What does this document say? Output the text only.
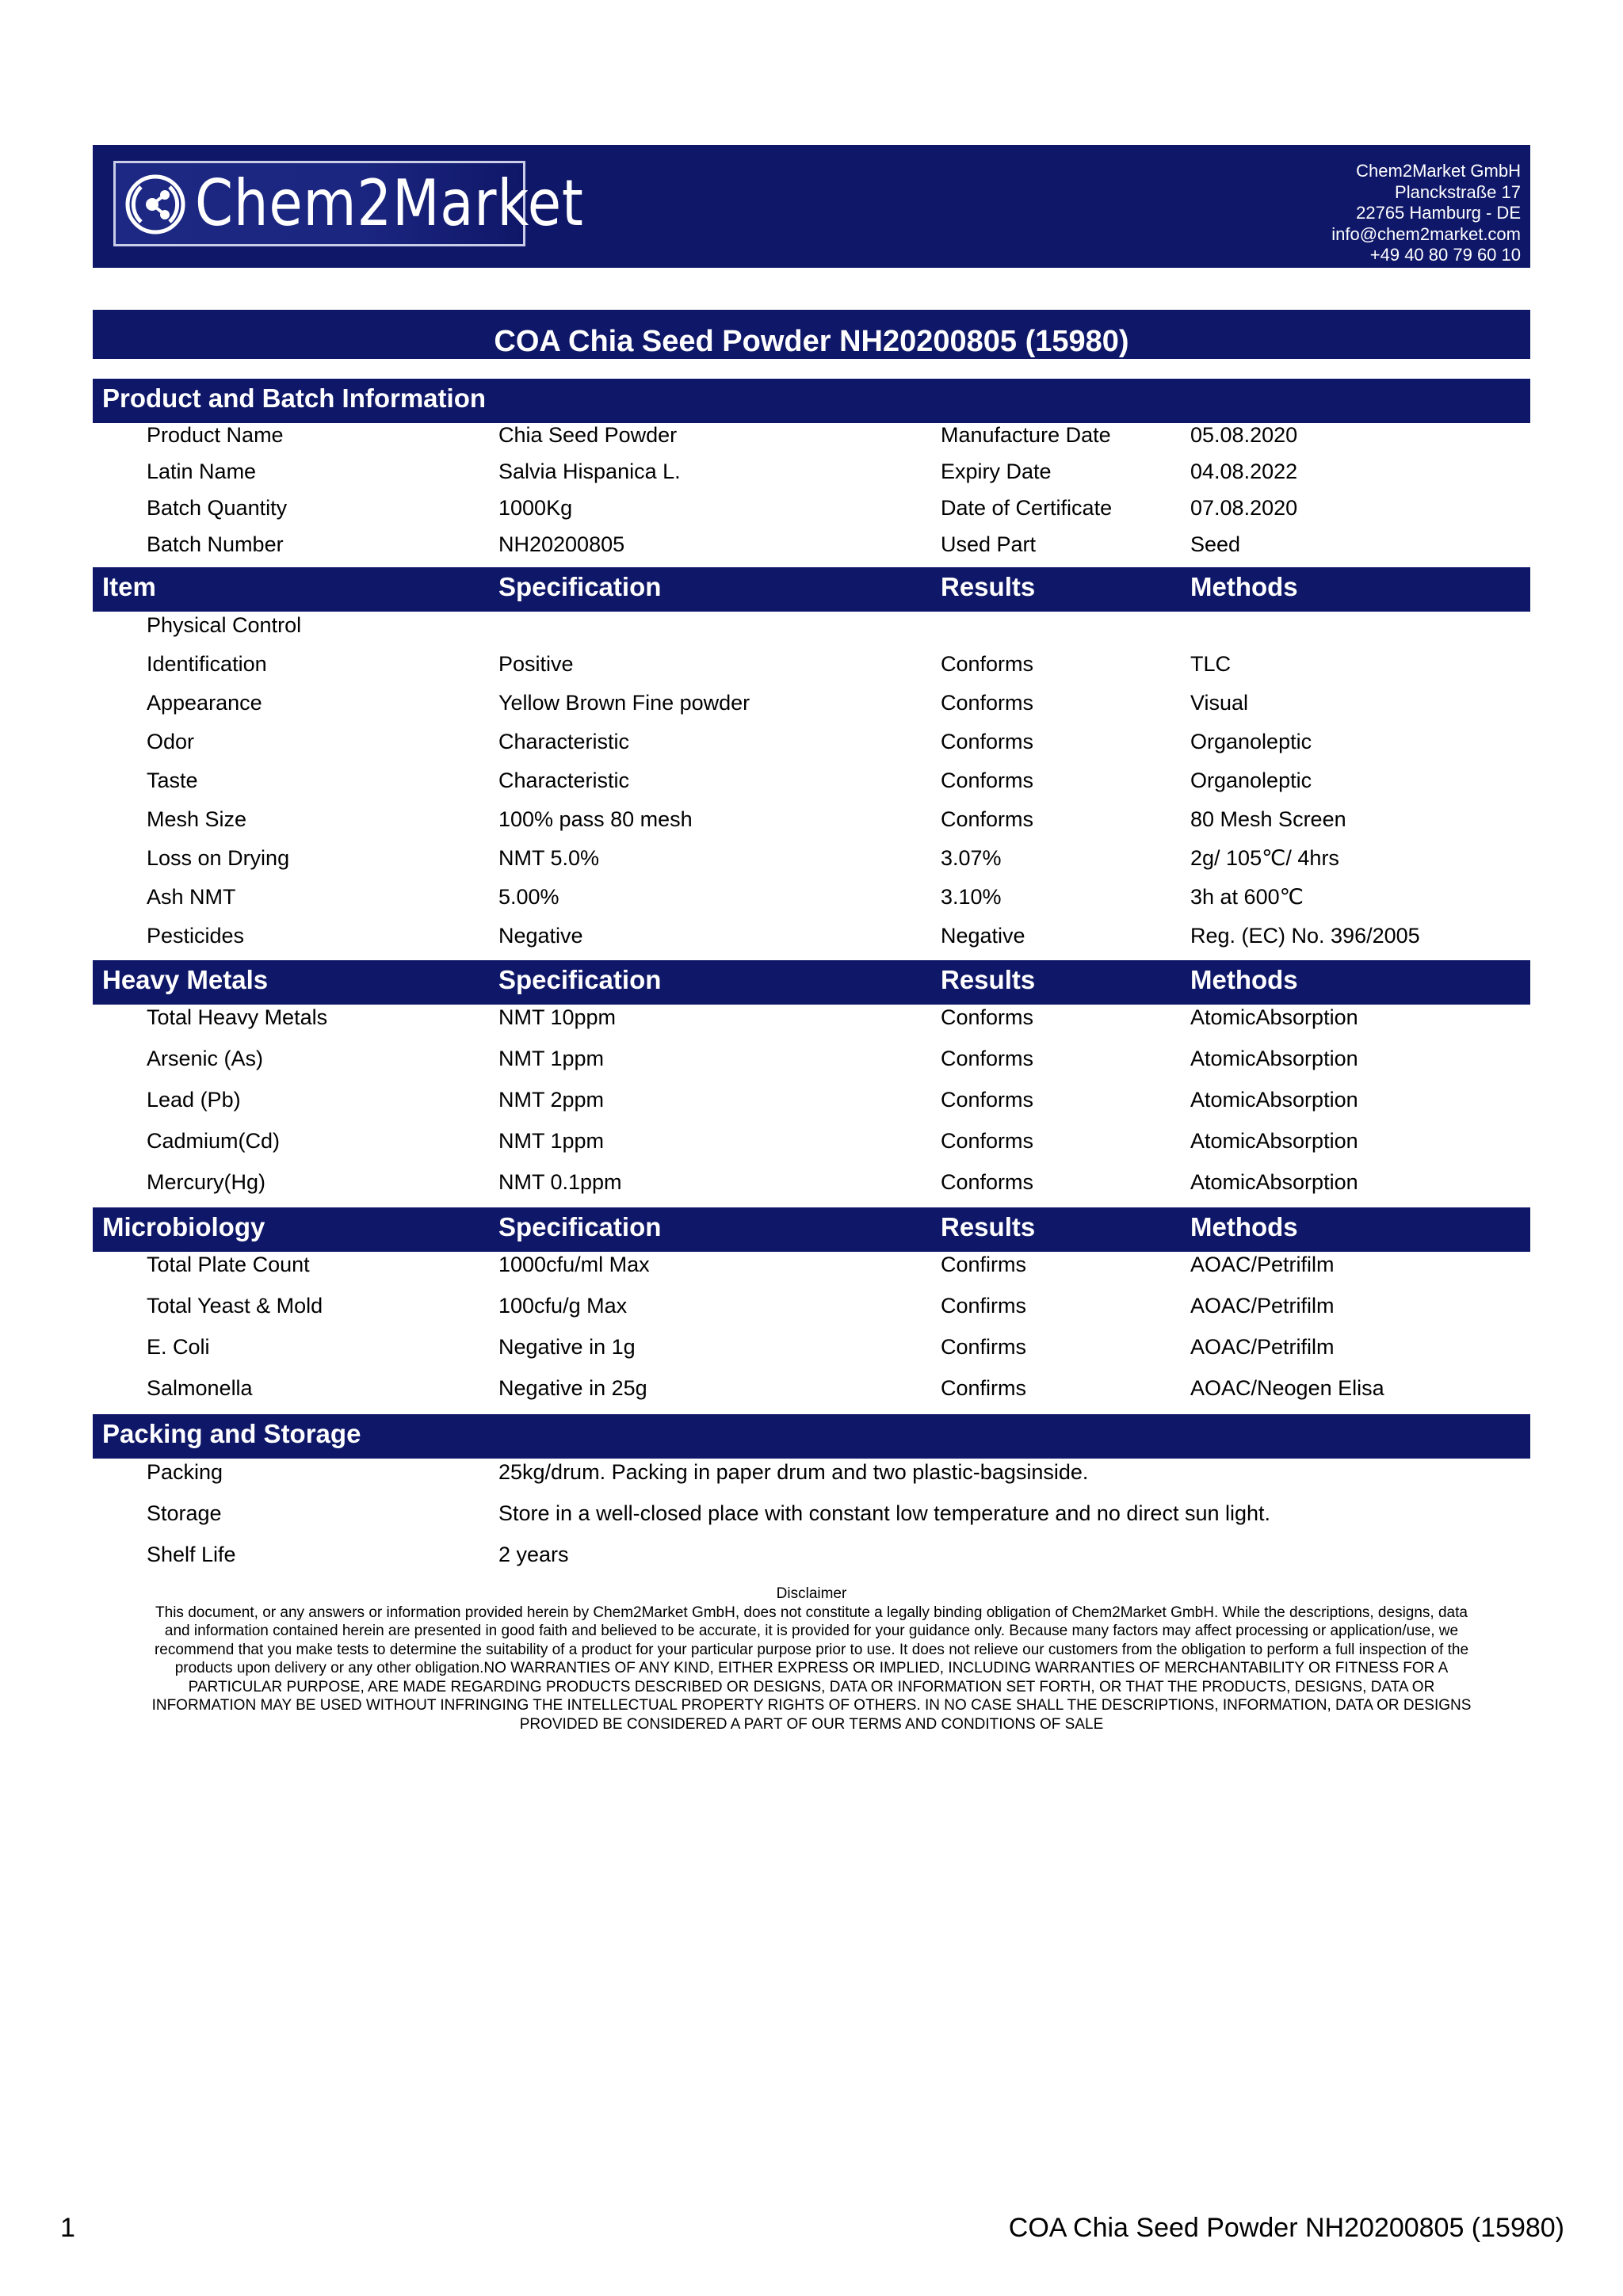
Chem2Market	Chem2Market GmbH
Planckstraße 17
22765 Hamburg - DE
info@chem2market.com
+49 40 80 79 60 10
COA Chia Seed Powder NH20200805 (15980)
Product and Batch Information
Product Name	Chia Seed Powder	Manufacture Date	05.08.2020
Latin Name	Salvia Hispanica L.	Expiry Date	04.08.2022
Batch Quantity	1000Kg	Date of Certificate	07.08.2020
Batch Number	NH20200805	Used Part	Seed
Item	Specification	Results	Methods
Physical Control
Identification	Positive	Conforms	TLC
Appearance	Yellow Brown Fine powder	Conforms	Visual
Odor	Characteristic	Conforms	Organoleptic
Taste	Characteristic	Conforms	Organoleptic
Mesh Size	100% pass 80 mesh	Conforms	80 Mesh Screen
Loss on Drying	NMT 5.0%	3.07%	2g/ 105℃/ 4hrs
Ash NMT	5.00%	3.10%	3h at 600℃
Pesticides	Negative	Negative	Reg. (EC) No. 396/2005
Heavy Metals	Specification	Results	Methods
Total Heavy Metals	NMT 10ppm	Conforms	AtomicAbsorption
Arsenic (As)	NMT 1ppm	Conforms	AtomicAbsorption
Lead (Pb)	NMT 2ppm	Conforms	AtomicAbsorption
Cadmium(Cd)	NMT 1ppm	Conforms	AtomicAbsorption
Mercury(Hg)	NMT 0.1ppm	Conforms	AtomicAbsorption
Microbiology	Specification	Results	Methods
Total Plate Count	1000cfu/ml Max	Confirms	AOAC/Petrifilm
Total Yeast & Mold	100cfu/g Max	Confirms	AOAC/Petrifilm
E. Coli	Negative in 1g	Confirms	AOAC/Petrifilm
Salmonella	Negative in 25g	Confirms	AOAC/Neogen Elisa
Packing and Storage
Packing	25kg/drum. Packing in paper drum and two plastic-bagsinside.
Storage	Store in a well-closed place with constant low temperature and no direct sun light.
Shelf Life	2 years
Disclaimer
This document, or any answers or information provided herein by Chem2Market GmbH, does not constitute a legally binding obligation of Chem2Market GmbH. While the descriptions, designs, data
and information contained herein are presented in good faith and believed to be accurate, it is provided for your guidance only. Because many factors may affect processing or application/use, we
recommend that you make tests to determine the suitability of a product for your particular purpose prior to use. It does not relieve our customers from the obligation to perform a full inspection of the
products upon delivery or any other obligation.NO WARRANTIES OF ANY KIND, EITHER EXPRESS OR IMPLIED, INCLUDING WARRANTIES OF MERCHANTABILITY OR FITNESS FOR A
PARTICULAR PURPOSE, ARE MADE REGARDING PRODUCTS DESCRIBED OR DESIGNS, DATA OR INFORMATION SET FORTH, OR THAT THE PRODUCTS, DESIGNS, DATA OR
INFORMATION MAY BE USED WITHOUT INFRINGING THE INTELLECTUAL PROPERTY RIGHTS OF OTHERS. IN NO CASE SHALL THE DESCRIPTIONS, INFORMATION, DATA OR DESIGNS
PROVIDED BE CONSIDERED A PART OF OUR TERMS AND CONDITIONS OF SALE
1	COA Chia Seed Powder NH20200805 (15980)
